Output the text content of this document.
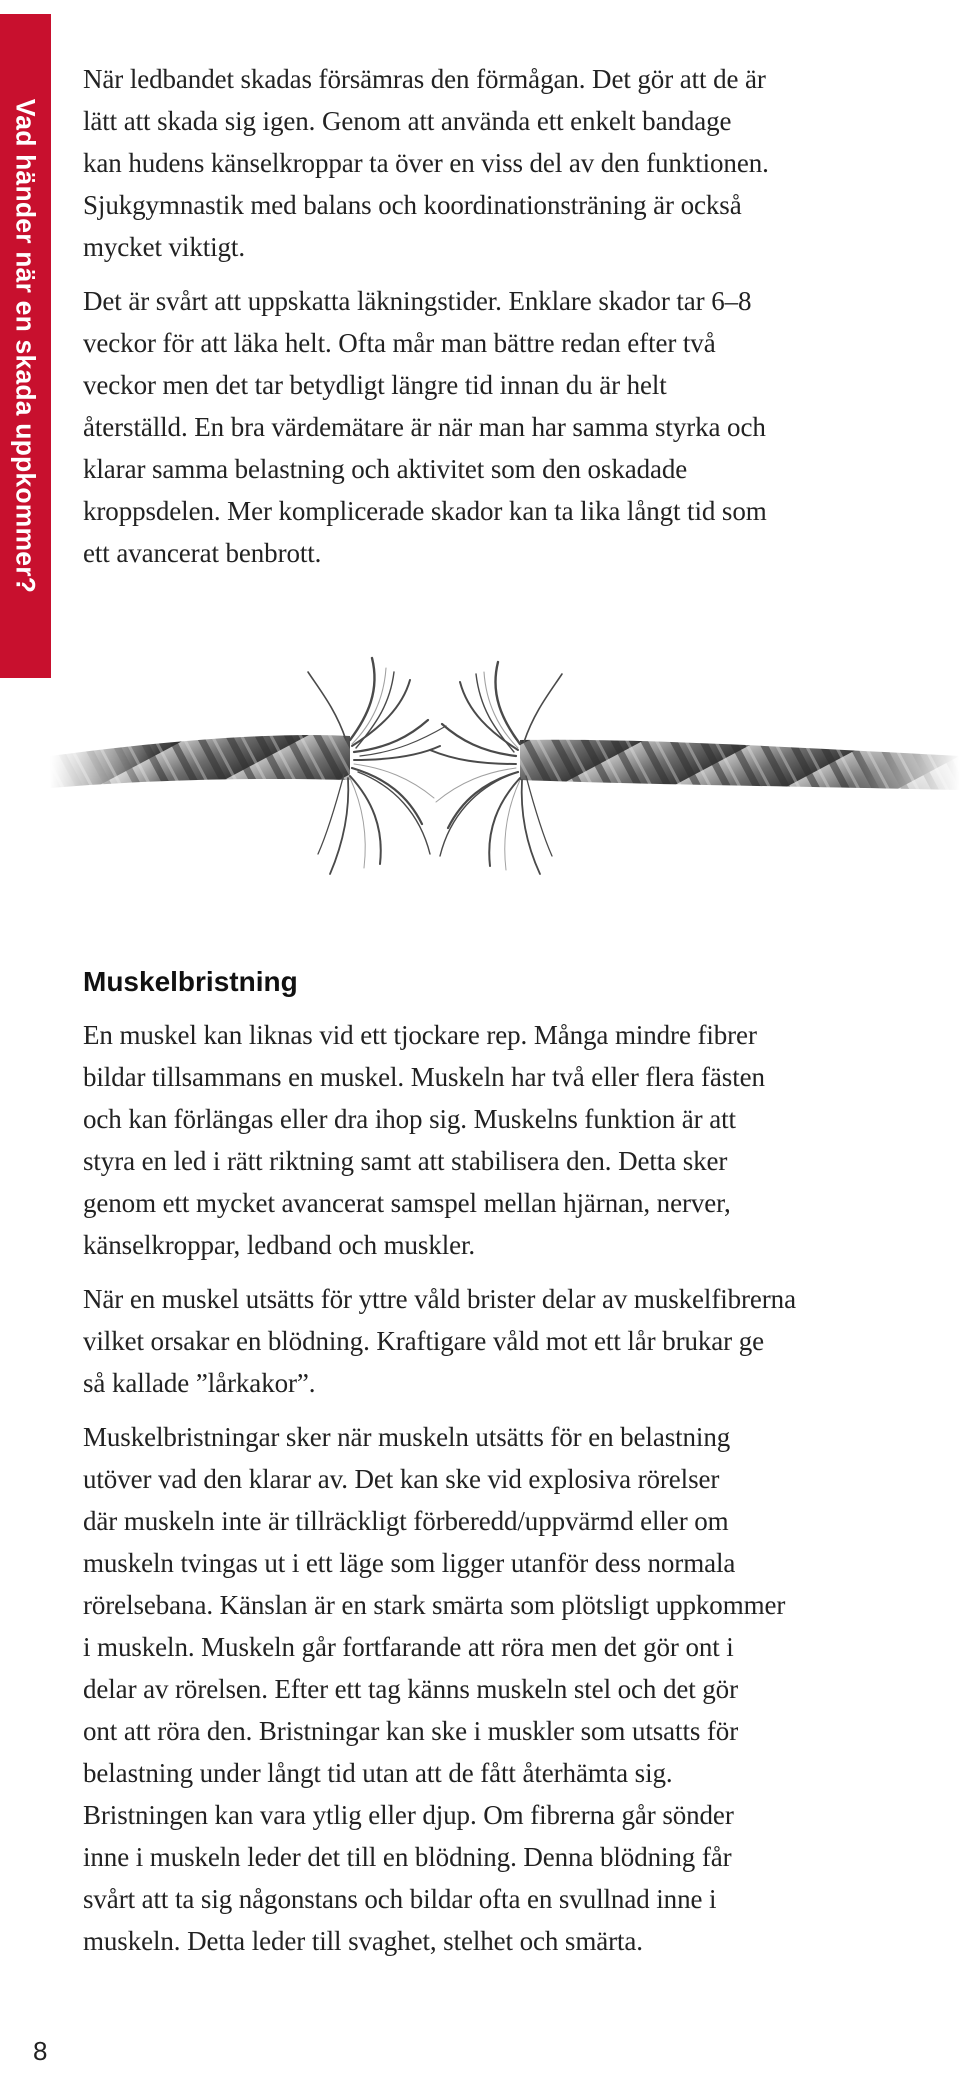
Vad händer när en skada uppkommer?

När ledbandet skadas försämras den förmågan. Det gör att de är
lätt att skada sig igen. Genom att använda ett enkelt bandage
kan hudens känselkroppar ta över en viss del av den funktionen.
Sjukgymnastik med balans och koordinationsträning är också
mycket viktigt.

Det är svårt att uppskatta läkningstider. Enklare skador tar 6–8
veckor för att läka helt. Ofta mår man bättre redan efter två
veckor men det tar betydligt längre tid innan du är helt
återställd. En bra värdemätare är när man har samma styrka och
klarar samma belastning och aktivitet som den oskadade
kroppsdelen. Mer komplicerade skador kan ta lika långt tid som
ett avancerat benbrott.

Muskelbristning

En muskel kan liknas vid ett tjockare rep. Många mindre fibrer
bildar tillsammans en muskel. Muskeln har två eller flera fästen
och kan förlängas eller dra ihop sig. Muskelns funktion är att
styra en led i rätt riktning samt att stabilisera den. Detta sker
genom ett mycket avancerat samspel mellan hjärnan, nerver,
känselkroppar, ledband och muskler.

När en muskel utsätts för yttre våld brister delar av muskelfibrerna
vilket orsakar en blödning. Kraftigare våld mot ett lår brukar ge
så kallade ”lårkakor”.

Muskelbristningar sker när muskeln utsätts för en belastning
utöver vad den klarar av. Det kan ske vid explosiva rörelser
där muskeln inte är tillräckligt förberedd/uppvärmd eller om
muskeln tvingas ut i ett läge som ligger utanför dess normala
rörelsebana. Känslan är en stark smärta som plötsligt uppkommer
i muskeln. Muskeln går fortfarande att röra men det gör ont i
delar av rörelsen. Efter ett tag känns muskeln stel och det gör
ont att röra den. Bristningar kan ske i muskler som utsatts för
belastning under långt tid utan att de fått återhämta sig.
Bristningen kan vara ytlig eller djup. Om fibrerna går sönder
inne i muskeln leder det till en blödning. Denna blödning får
svårt att ta sig någonstans och bildar ofta en svullnad inne i
muskeln. Detta leder till svaghet, stelhet och smärta.

8
